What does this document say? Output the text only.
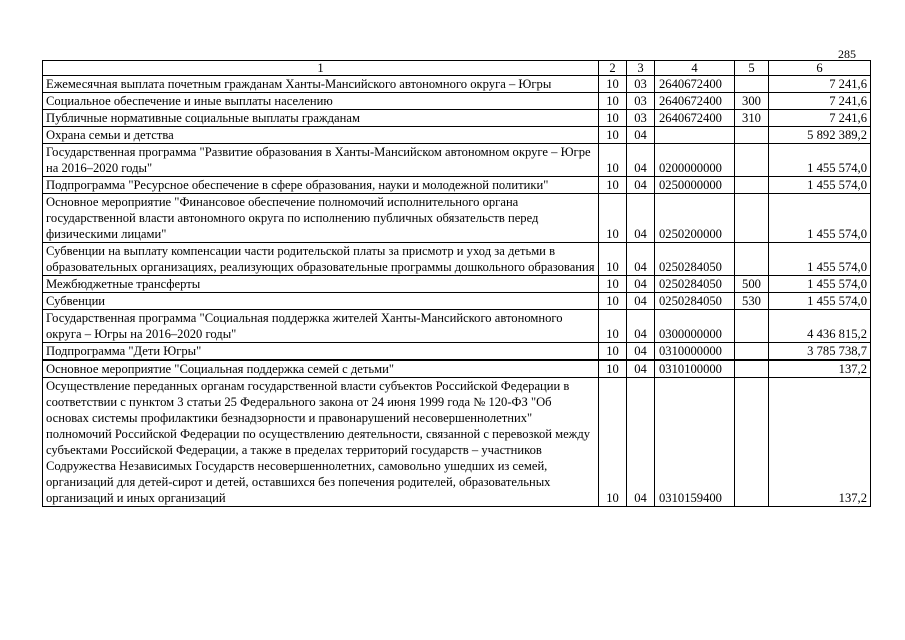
285
1	2	3	4	5	6
Ежемесячная выплата почетным гражданам Ханты-Мансийского автономного округа – Югры	10	03	2640672400		7 241,6
Социальное обеспечение и иные выплаты населению	10	03	2640672400	300	7 241,6
Публичные нормативные социальные выплаты гражданам	10	03	2640672400	310	7 241,6
Охрана семьи и детства	10	04			5 892 389,2
Государственная программа "Развитие образования в Ханты-Мансийском автономном округе – Югре на 2016–2020 годы"	10	04	0200000000		1 455 574,0
Подпрограмма "Ресурсное обеспечение в сфере образования, науки и молодежной политики"	10	04	0250000000		1 455 574,0
Основное мероприятие "Финансовое обеспечение полномочий исполнительного органа государственной власти автономного округа по исполнению публичных обязательств перед физическими лицами"	10	04	0250200000		1 455 574,0
Субвенции на выплату компенсации части родительской платы за присмотр и уход за детьми в образовательных организациях, реализующих образовательные программы дошкольного образования	10	04	0250284050		1 455 574,0
Межбюджетные трансферты	10	04	0250284050	500	1 455 574,0
Субвенции	10	04	0250284050	530	1 455 574,0
Государственная программа "Социальная поддержка жителей Ханты-Мансийского автономного округа – Югры на 2016–2020 годы"	10	04	0300000000		4 436 815,2
Подпрограмма "Дети Югры"	10	04	0310000000		3 785 738,7
Основное мероприятие "Социальная поддержка семей с детьми"	10	04	0310100000		137,2
Осуществление переданных органам государственной власти субъектов Российской Федерации в соответствии с пунктом 3 статьи 25 Федерального закона от 24 июня 1999 года № 120-ФЗ "Об основах системы профилактики безнадзорности и правонарушений несовершеннолетних" полномочий Российской Федерации по осуществлению деятельности, связанной с перевозкой между субъектами Российской Федерации, а также в пределах территорий государств – участников Содружества Независимых Государств несовершеннолетних, самовольно ушедших из семей, организаций для детей-сирот и детей, оставшихся без попечения родителей, образовательных организаций и иных организаций	10	04	0310159400		137,2
